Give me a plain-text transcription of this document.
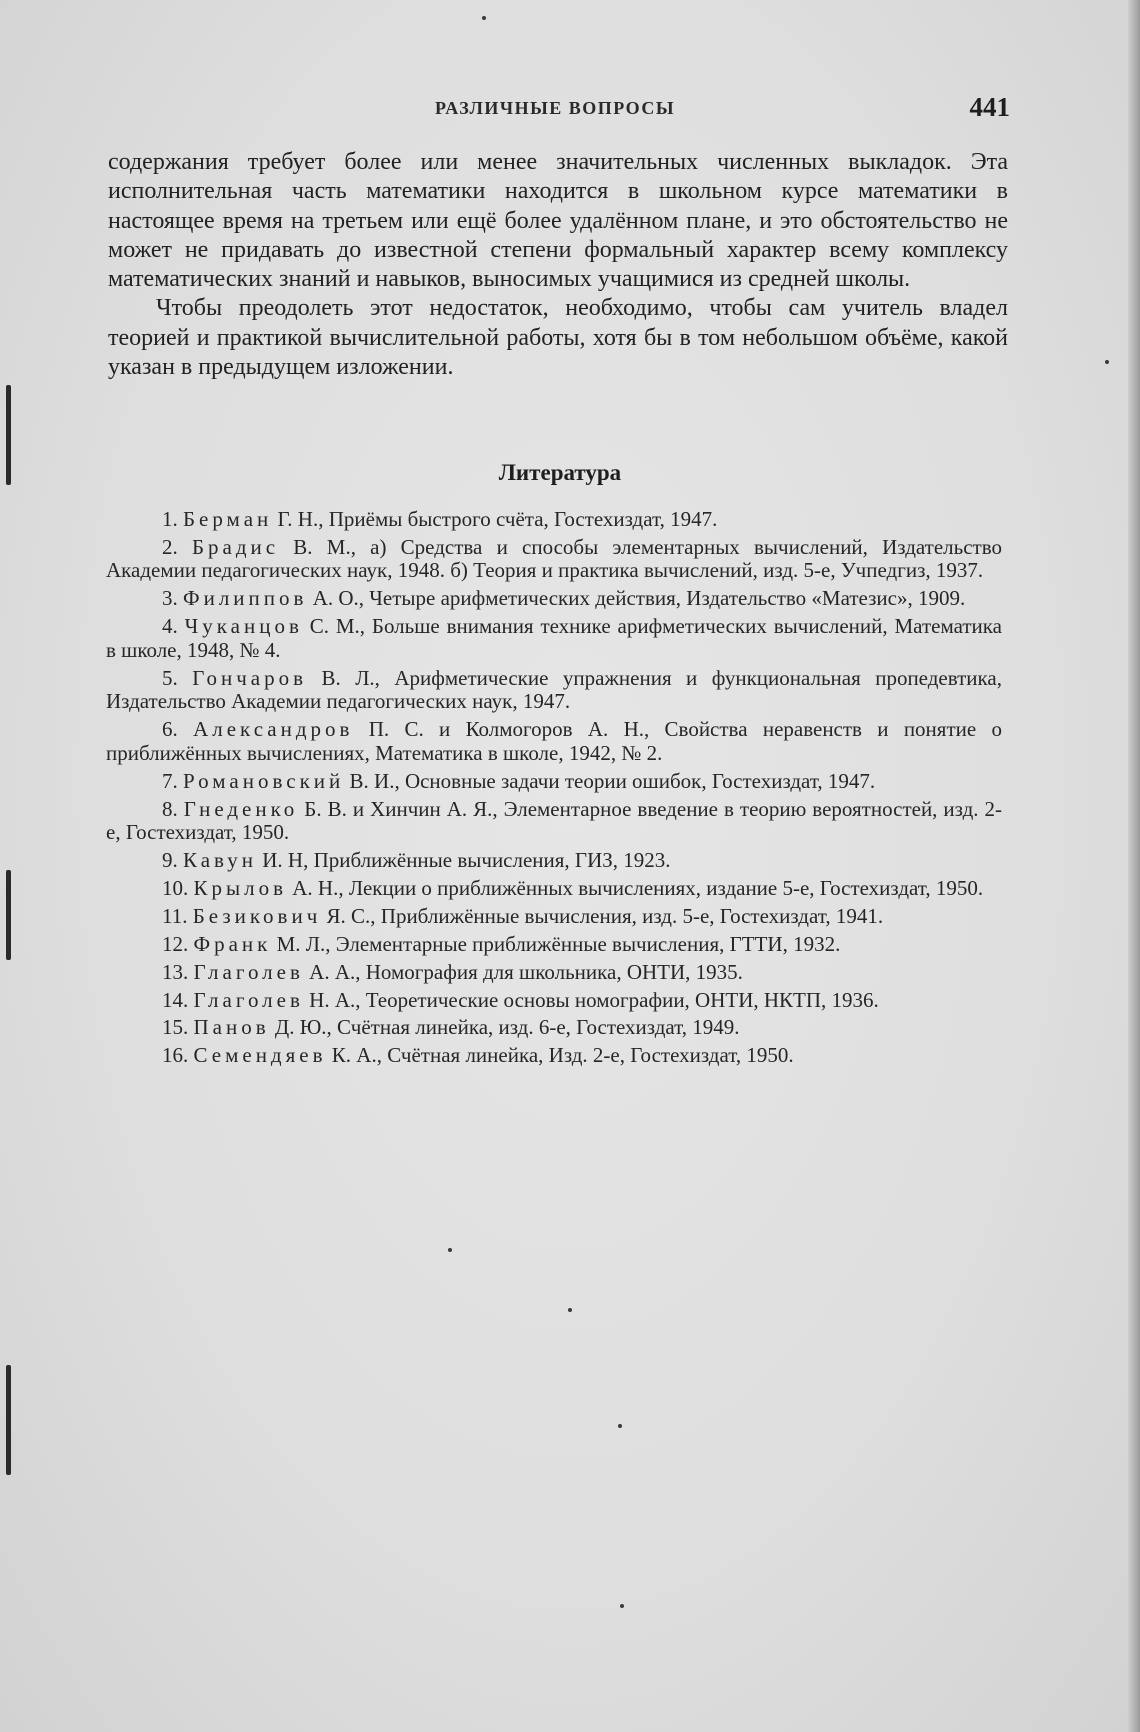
РАЗЛИЧНЫЕ ВОПРОСЫ	441

содержания требует более или менее значительных численных выкладок. Эта исполнительная часть математики находится в школьном курсе математики в настоящее время на третьем или ещё более удалённом плане, и это обстоятельство не может не придавать до известной степени формальный характер всему комплексу математических знаний и навыков, выносимых учащимися из средней школы.

Чтобы преодолеть этот недостаток, необходимо, чтобы сам учитель владел теорией и практикой вычислительной работы, хотя бы в том небольшом объёме, какой указан в предыдущем изложении.

Литература

1. Берман Г. Н., Приёмы быстрого счёта, Гостехиздат, 1947.

2. Брадис В. М., а) Средства и способы элементарных вычислений, Издательство Академии педагогических наук, 1948. б) Теория и практика вычислений, изд. 5-е, Учпедгиз, 1937.

3. Филиппов А. О., Четыре арифметических действия, Издательство «Матезис», 1909.

4. Чуканцов С. М., Больше внимания технике арифметических вычислений, Математика в школе, 1948, № 4.

5. Гончаров В. Л., Арифметические упражнения и функциональная пропедевтика, Издательство Академии педагогических наук, 1947.

6. Александров П. С. и Колмогоров А. Н., Свойства неравенств и понятие о приближённых вычислениях, Математика в школе, 1942, № 2.

7. Романовский В. И., Основные задачи теории ошибок, Гостехиздат, 1947.

8. Гнеденко Б. В. и Хинчин А. Я., Элементарное введение в теорию вероятностей, изд. 2-е, Гостехиздат, 1950.

9. Кавун И. Н, Приближённые вычисления, ГИЗ, 1923.

10. Крылов А. Н., Лекции о приближённых вычислениях, издание 5-е, Гостехиздат, 1950.

11. Безикович Я. С., Приближённые вычисления, изд. 5-е, Гостехиздат, 1941.

12. Франк М. Л., Элементарные приближённые вычисления, ГТТИ, 1932.

13. Глаголев А. А., Номография для школьника, ОНТИ, 1935.

14. Глаголев Н. А., Теоретические основы номографии, ОНТИ, НКТП, 1936.

15. Панов Д. Ю., Счётная линейка, изд. 6-е, Гостехиздат, 1949.

16. Семендяев К. А., Счётная линейка, Изд. 2-е, Гостехиздат, 1950.
